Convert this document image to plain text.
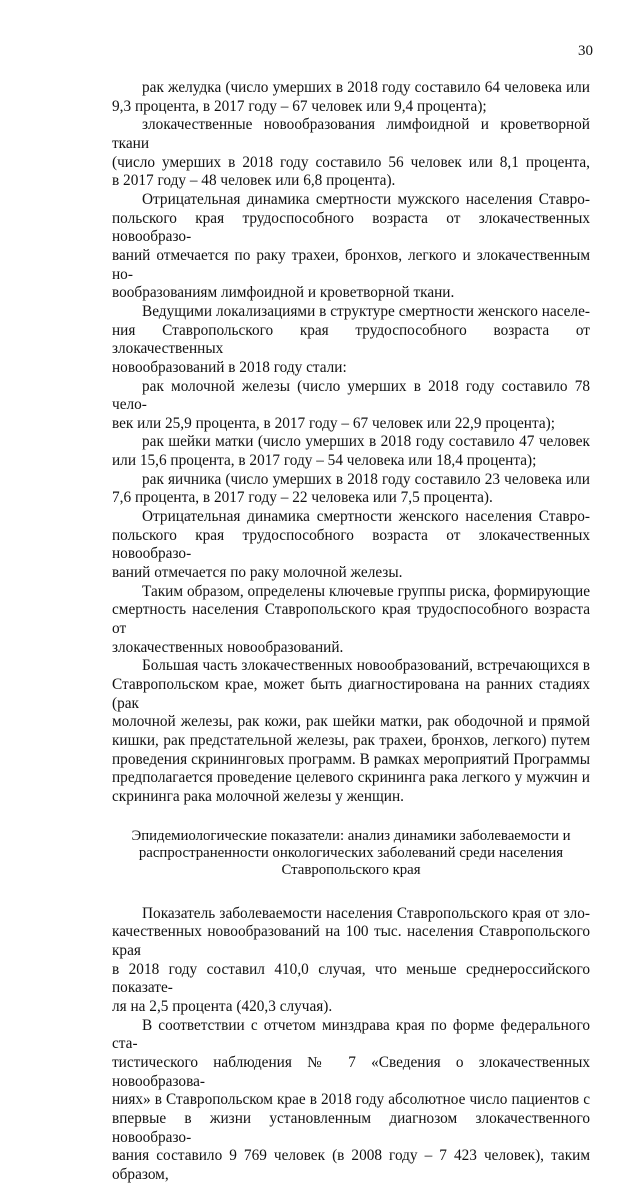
30

рак желудка (число умерших в 2018 году составило 64 человека или
9,3 процента, в 2017 году – 67 человек или 9,4 процента);

злокачественные новообразования лимфоидной и кроветворной ткани
(число умерших в 2018 году составило 56 человек или 8,1 процента,
в 2017 году – 48 человек или 6,8 процента).

Отрицательная динамика смертности мужского населения Ставро-
польского края трудоспособного возраста от злокачественных новообразо-
ваний отмечается по раку трахеи, бронхов, легкого и злокачественным но-
вообразованиям лимфоидной и кроветворной ткани.

Ведущими локализациями в структуре смертности женского населе-
ния Ставропольского края трудоспособного возраста от злокачественных
новообразований в 2018 году стали:

рак молочной железы (число умерших в 2018 году составило 78 чело-
век или 25,9 процента, в 2017 году – 67 человек или 22,9 процента);

рак шейки матки (число умерших в 2018 году составило 47 человек
или 15,6 процента, в 2017 году – 54 человека или 18,4 процента);

рак яичника (число умерших в 2018 году составило 23 человека или
7,6 процента, в 2017 году – 22 человека или 7,5 процента).

Отрицательная динамика смертности женского населения Ставро-
польского края трудоспособного возраста от злокачественных новообразо-
ваний отмечается по раку молочной железы.

Таким образом, определены ключевые группы риска, формирующие
смертность населения Ставропольского края трудоспособного возраста от
злокачественных новообразований.

Большая часть злокачественных новообразований, встречающихся в
Ставропольском крае, может быть диагностирована на ранних стадиях (рак
молочной железы, рак кожи, рак шейки матки, рак ободочной и прямой
кишки, рак предстательной железы, рак трахеи, бронхов, легкого) путем
проведения скрининговых программ. В рамках мероприятий Программы
предполагается проведение целевого скрининга рака легкого у мужчин и
скрининга рака молочной железы у женщин.

Эпидемиологические показатели: анализ динамики заболеваемости и

распространенности онкологических заболеваний среди населения

Ставропольского края

Показатель заболеваемости населения Ставропольского края от зло-
качественных новообразований на 100 тыс. населения Ставропольского края
в 2018 году составил 410,0 случая, что меньше среднероссийского показате-
ля на 2,5 процента (420,3 случая).

В соответствии с отчетом минздрава края по форме федерального ста-
тистического наблюдения № 7 «Сведения о злокачественных новообразова-
ниях» в Ставропольском крае в 2018 году абсолютное число пациентов с
впервые в жизни установленным диагнозом злокачественного новообразо-
вания составило 9 769 человек (в 2008 году – 7 423 человек), таким образом,
